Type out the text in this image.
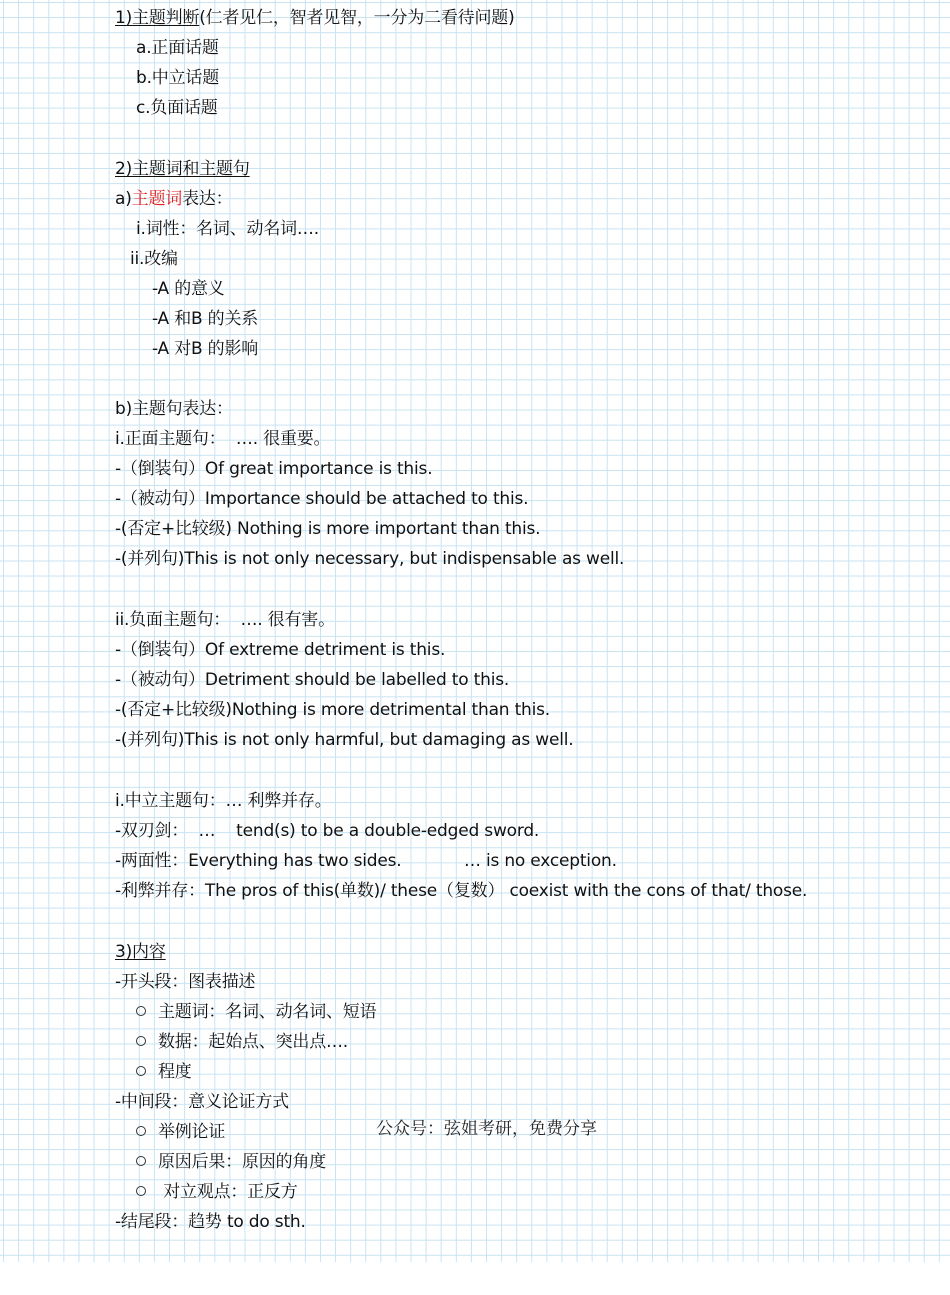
1)主题判断(仁者见仁，智者见智，一分为二看待问题)
a.正面话题
b.中立话题
c.负面话题
2)主题词和主题句
a)主题词表达：
i.词性：名词、动名词….
ii.改编
-A 的意义
-A 和B 的关系
-A 对B 的影响
b)主题句表达：
i.正面主题句：  …. 很重要。
-（倒装句）Of great importance is this.
-（被动句）Importance should be attached to this.
-(否定+比较级) Nothing is more important than this.
-(并列句)This is not only necessary, but indispensable as well.
ii.负面主题句：  …. 很有害。
-（倒装句）Of extreme detriment is this.
-（被动句）Detriment should be labelled to this.
-(否定+比较级)Nothing is more detrimental than this.
-(并列句)This is not only harmful, but damaging as well.
i.中立主题句：… 利弊并存。
-双刃剑：  …    tend(s) to be a double-edged sword.
-两面性：Everything has two sides.            … is no exception.
-利弊并存：The pros of this(单数)/ these（复数） coexist with the cons of that/ those.
3)内容
-开头段：图表描述
主题词：名词、动名词、短语
数据：起始点、突出点….
程度
-中间段：意义论证方式
举例论证
原因后果：原因的角度
对立观点：正反方
-结尾段：趋势 to do sth.
公众号：弦姐考研，免费分享
